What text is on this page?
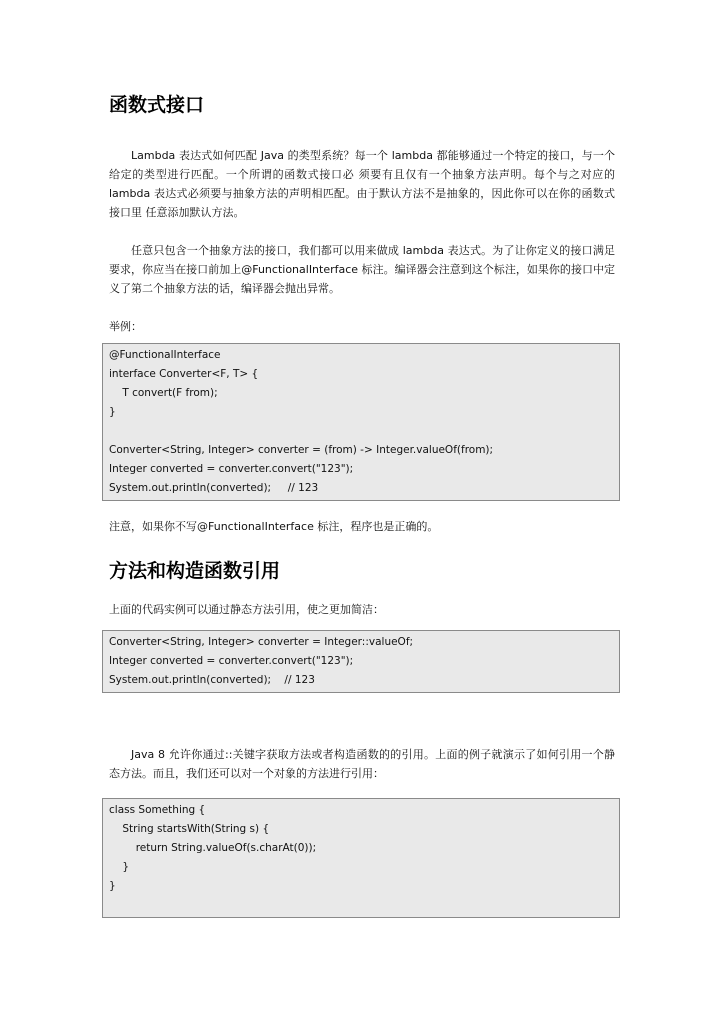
函数式接口

Lambda 表达式如何匹配 Java 的类型系统？每一个 lambda 都能够通过一个特定的接口，与一个给定的类型进行匹配。一个所谓的函数式接口必 须要有且仅有一个抽象方法声明。每个与之对应的 lambda 表达式必须要与抽象方法的声明相匹配。由于默认方法不是抽象的，因此你可以在你的函数式接口里 任意添加默认方法。

任意只包含一个抽象方法的接口，我们都可以用来做成 lambda 表达式。为了让你定义的接口满足要求，你应当在接口前加上@FunctionalInterface 标注。编译器会注意到这个标注，如果你的接口中定义了第二个抽象方法的话，编译器会抛出异常。

举例：

@FunctionalInterface
interface Converter<F, T> {
T convert(F from);
}
Converter<String, Integer> converter = (from) -> Integer.valueOf(from);
Integer converted = converter.convert("123");
System.out.println(converted);     // 123

注意，如果你不写@FunctionalInterface 标注，程序也是正确的。

方法和构造函数引用

上面的代码实例可以通过静态方法引用，使之更加简洁：

Converter<String, Integer> converter = Integer::valueOf;
Integer converted = converter.convert("123");
System.out.println(converted);    // 123

Java 8 允许你通过::关键字获取方法或者构造函数的的引用。上面的例子就演示了如何引用一个静态方法。而且，我们还可以对一个对象的方法进行引用：

class Something {
String startsWith(String s) {
return String.valueOf(s.charAt(0));
}
}
